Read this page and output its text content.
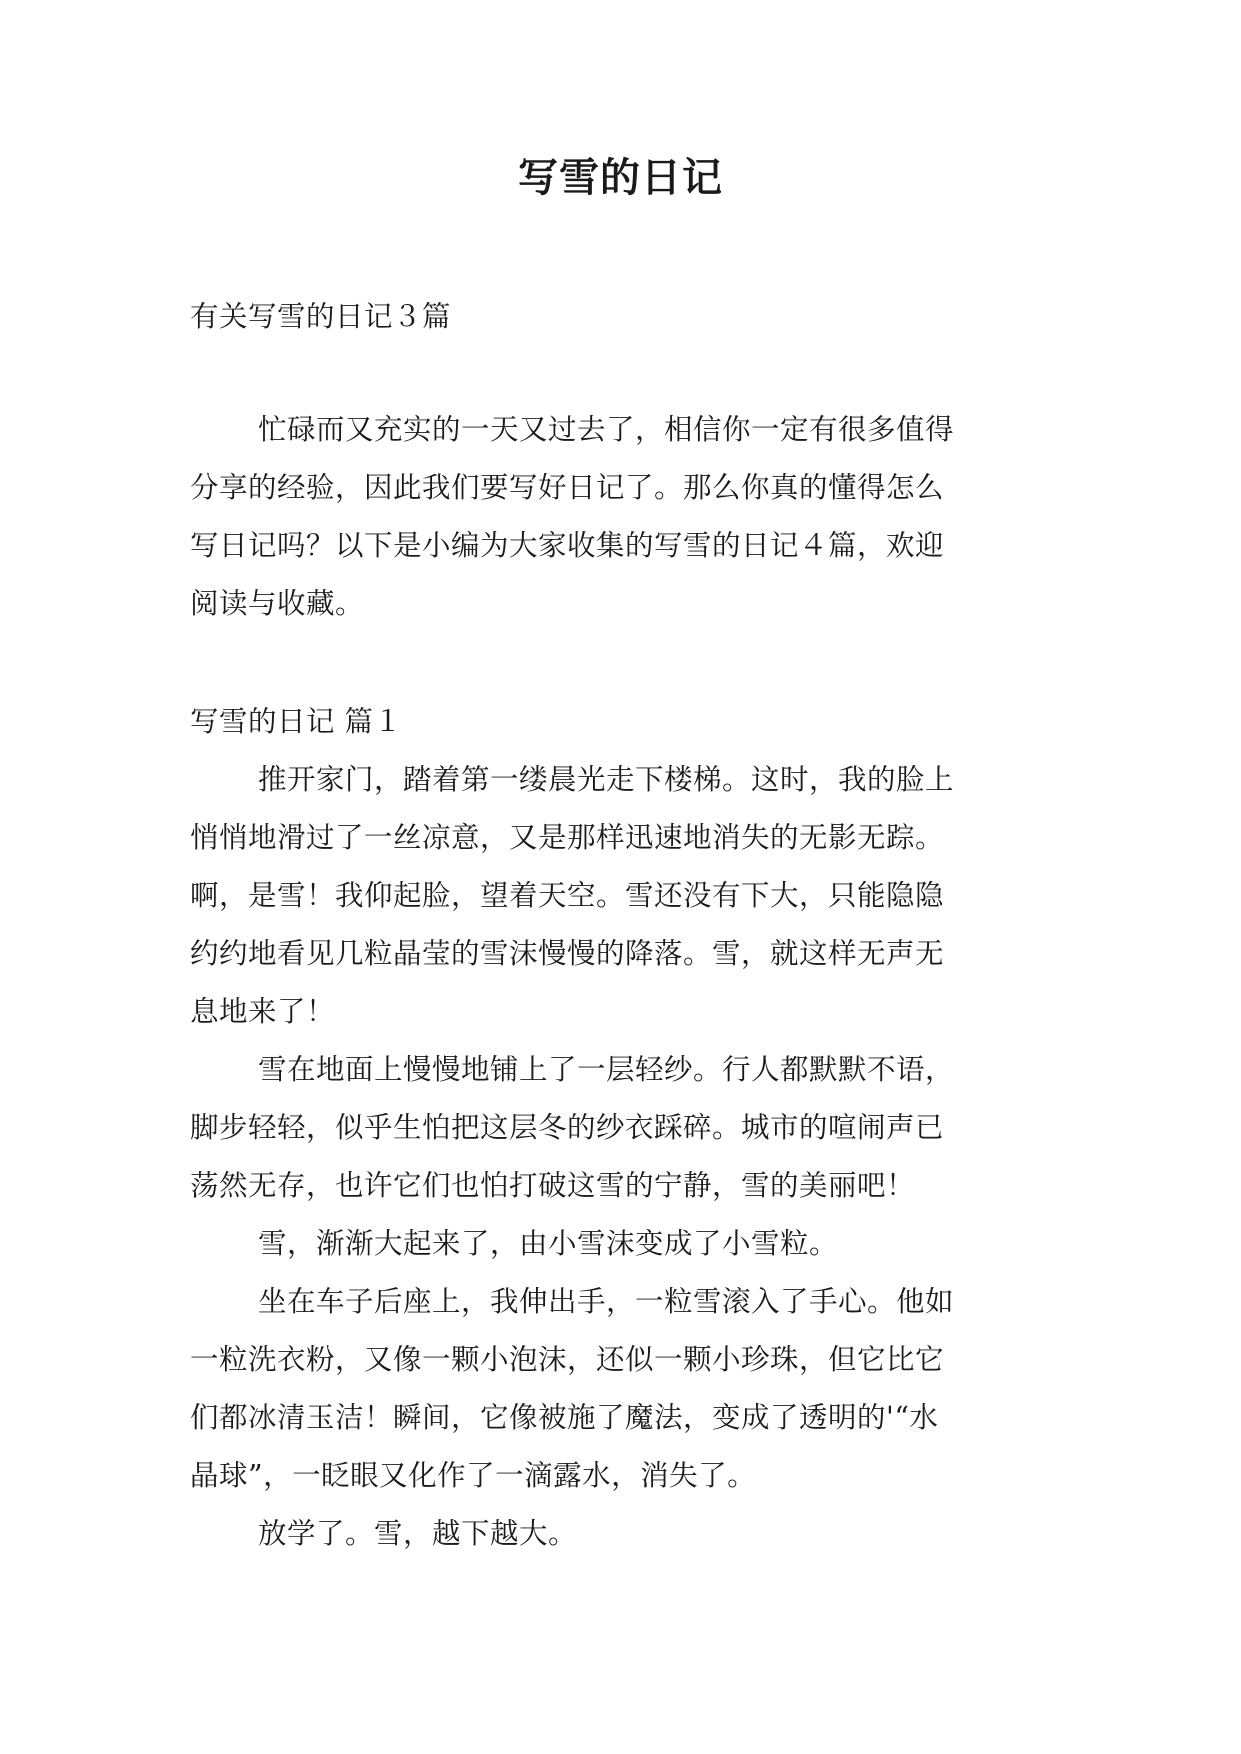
写雪的日记
有关写雪的日记３篇
忙碌而又充实的一天又过去了，相信你一定有很多值得
分享的经验，因此我们要写好日记了。那么你真的懂得怎么
写日记吗？以下是小编为大家收集的写雪的日记４篇，欢迎
阅读与收藏。
写雪的日记 篇１
推开家门，踏着第一缕晨光走下楼梯。这时，我的脸上
悄悄地滑过了一丝凉意，又是那样迅速地消失的无影无踪。
啊，是雪！我仰起脸，望着天空。雪还没有下大，只能隐隐
约约地看见几粒晶莹的雪沫慢慢的降落。雪，就这样无声无
息地来了！
雪在地面上慢慢地铺上了一层轻纱。行人都默默不语，
脚步轻轻，似乎生怕把这层冬的纱衣踩碎。城市的喧闹声已
荡然无存，也许它们也怕打破这雪的宁静，雪的美丽吧！
雪，渐渐大起来了，由小雪沫变成了小雪粒。
坐在车子后座上，我伸出手，一粒雪滚入了手心。他如
一粒洗衣粉，又像一颗小泡沫，还似一颗小珍珠，但它比它
们都冰清玉洁！瞬间，它像被施了魔法，变成了透明的'“水
晶球”，一眨眼又化作了一滴露水，消失了。
放学了。雪，越下越大。
